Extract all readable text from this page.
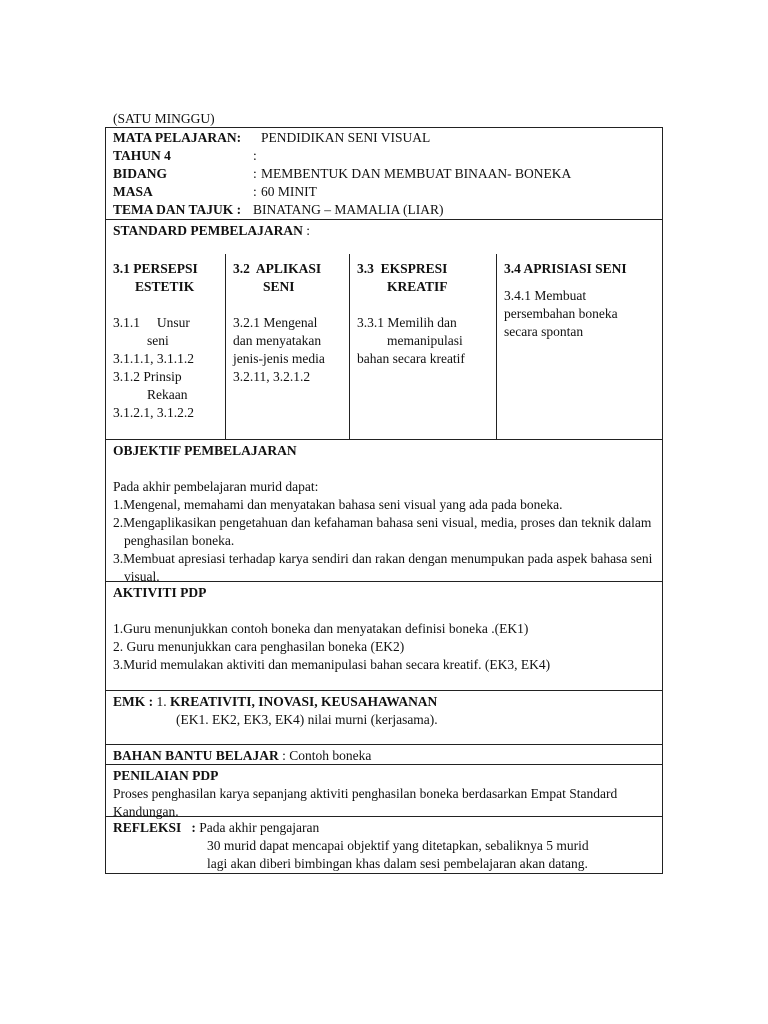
(SATU MINGGU)
MATA PELAJARAN:	PENDIDIKAN SENI VISUAL
TAHUN 4	:
BIDANG	: MEMBENTUK DAN MEMBUAT BINAAN- BONEKA
MASA	: 60 MINIT
TEMA DAN TAJUK : BINATANG – MAMALIA (LIAR)
STANDARD PEMBELAJARAN :
3.1 PERSEPSI
ESTETIK
3.1.1     Unsur
seni
3.1.1.1, 3.1.1.2
3.1.2 Prinsip
Rekaan
3.1.2.1, 3.1.2.2
3.2  APLIKASI
SENI
3.2.1 Mengenal
dan menyatakan
jenis-jenis media
3.2.11, 3.2.1.2
3.3  EKSPRESI
KREATIF
3.3.1 Memilih dan
memanipulasi
bahan secara kreatif
3.4 APRISIASI SENI
3.4.1 Membuat
persembahan boneka
secara spontan
OBJEKTIF PEMBELAJARAN
Pada akhir pembelajaran murid dapat:
1.Mengenal, memahami dan menyatakan bahasa seni visual yang ada pada boneka.
2.Mengaplikasikan pengetahuan dan kefahaman bahasa seni visual, media, proses dan teknik dalam penghasilan boneka.
3.Membuat apresiasi terhadap karya sendiri dan rakan dengan menumpukan pada aspek bahasa seni visual.
AKTIVITI PDP
1.Guru menunjukkan contoh boneka dan menyatakan definisi boneka .(EK1)
2. Guru menunjukkan cara penghasilan boneka (EK2)
3.Murid memulakan aktiviti dan memanipulasi bahan secara kreatif. (EK3, EK4)
EMK : 1. KREATIVITI, INOVASI, KEUSAHAWANAN
(EK1. EK2, EK3, EK4) nilai murni (kerjasama).
BAHAN BANTU BELAJAR : Contoh boneka
PENILAIAN PDP
Proses penghasilan karya sepanjang aktiviti penghasilan boneka berdasarkan Empat Standard Kandungan.
REFLEKSI   : Pada akhir pengajaran
30 murid dapat mencapai objektif yang ditetapkan, sebaliknya 5 murid
lagi akan diberi bimbingan khas dalam sesi pembelajaran akan datang.
